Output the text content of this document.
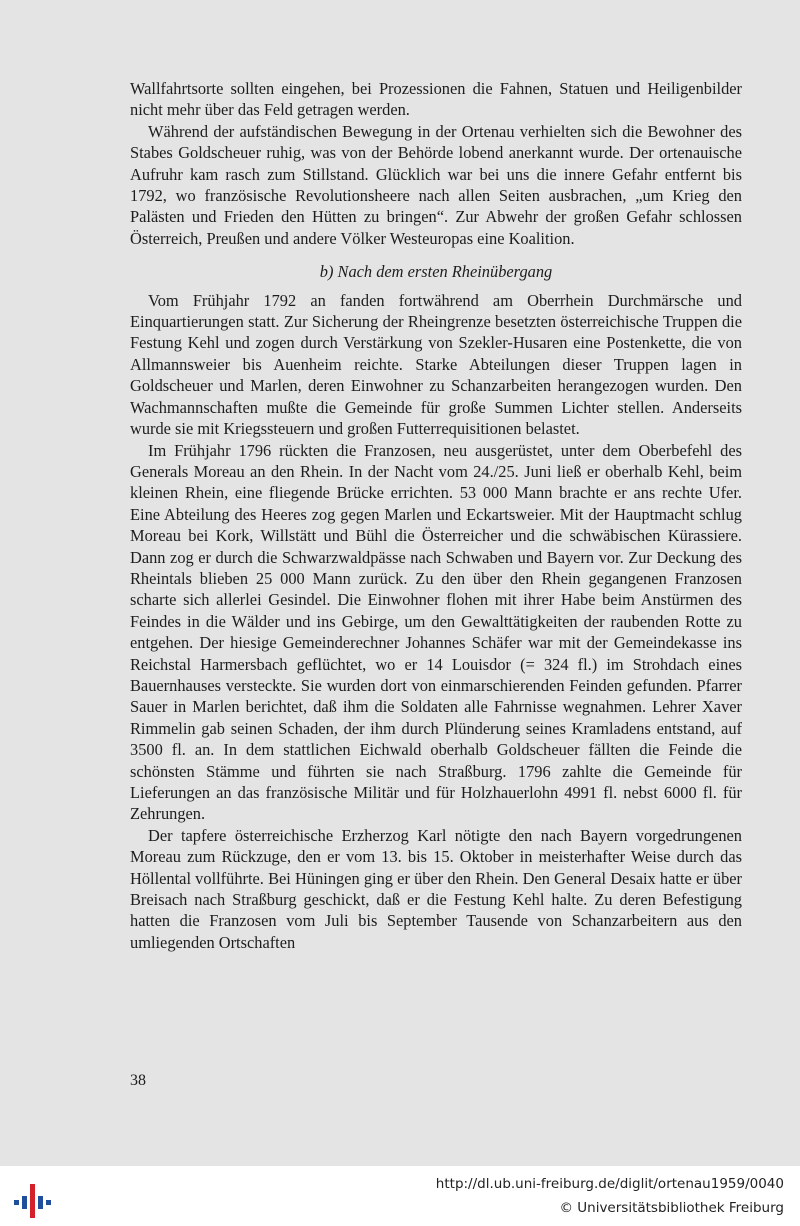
Wallfahrtsorte sollten eingehen, bei Prozessionen die Fahnen, Statuen und Heiligenbilder nicht mehr über das Feld getragen werden.

Während der aufständischen Bewegung in der Ortenau verhielten sich die Bewohner des Stabes Goldscheuer ruhig, was von der Behörde lobend anerkannt wurde. Der ortenauische Aufruhr kam rasch zum Stillstand. Glücklich war bei uns die innere Gefahr entfernt bis 1792, wo französische Revolutionsheere nach allen Seiten ausbrachen, „um Krieg den Palästen und Frieden den Hütten zu bringen“. Zur Abwehr der großen Gefahr schlossen Österreich, Preußen und andere Völker Westeuropas eine Koalition.

b) Nach dem ersten Rheinübergang

Vom Frühjahr 1792 an fanden fortwährend am Oberrhein Durchmärsche und Einquartierungen statt. Zur Sicherung der Rheingrenze besetzten österreichische Truppen die Festung Kehl und zogen durch Verstärkung von Szekler-Husaren eine Postenkette, die von Allmannsweier bis Auenheim reichte. Starke Abteilungen dieser Truppen lagen in Goldscheuer und Marlen, deren Einwohner zu Schanzarbeiten herangezogen wurden. Den Wachmannschaften mußte die Gemeinde für große Summen Lichter stellen. Anderseits wurde sie mit Kriegssteuern und großen Futterrequisitionen belastet.

Im Frühjahr 1796 rückten die Franzosen, neu ausgerüstet, unter dem Oberbefehl des Generals Moreau an den Rhein. In der Nacht vom 24./25. Juni ließ er oberhalb Kehl, beim kleinen Rhein, eine fliegende Brücke errichten. 53 000 Mann brachte er ans rechte Ufer. Eine Abteilung des Heeres zog gegen Marlen und Eckartsweier. Mit der Hauptmacht schlug Moreau bei Kork, Willstätt und Bühl die Österreicher und die schwäbischen Kürassiere. Dann zog er durch die Schwarzwaldpässe nach Schwaben und Bayern vor. Zur Deckung des Rheintals blieben 25 000 Mann zurück. Zu den über den Rhein gegangenen Franzosen scharte sich allerlei Gesindel. Die Einwohner flohen mit ihrer Habe beim Anstürmen des Feindes in die Wälder und ins Gebirge, um den Gewalttätigkeiten der raubenden Rotte zu entgehen. Der hiesige Gemeinderechner Johannes Schäfer war mit der Gemeindekasse ins Reichstal Harmersbach geflüchtet, wo er 14 Louisdor (= 324 fl.) im Strohdach eines Bauernhauses versteckte. Sie wurden dort von einmarschierenden Feinden gefunden. Pfarrer Sauer in Marlen berichtet, daß ihm die Soldaten alle Fahrnisse wegnahmen. Lehrer Xaver Rimmelin gab seinen Schaden, der ihm durch Plünderung seines Kramladens entstand, auf 3500 fl. an. In dem stattlichen Eichwald oberhalb Goldscheuer fällten die Feinde die schönsten Stämme und führten sie nach Straßburg. 1796 zahlte die Gemeinde für Lieferungen an das französische Militär und für Holzhauerlohn 4991 fl. nebst 6000 fl. für Zehrungen.

Der tapfere österreichische Erzherzog Karl nötigte den nach Bayern vorgedrungenen Moreau zum Rückzuge, den er vom 13. bis 15. Oktober in meisterhafter Weise durch das Höllental vollführte. Bei Hüningen ging er über den Rhein. Den General Desaix hatte er über Breisach nach Straßburg geschickt, daß er die Festung Kehl halte. Zu deren Befestigung hatten die Franzosen vom Juli bis September Tausende von Schanzarbeitern aus den umliegenden Ortschaften

38
http://dl.ub.uni-freiburg.de/diglit/ortenau1959/0040
© Universitätsbibliothek Freiburg
